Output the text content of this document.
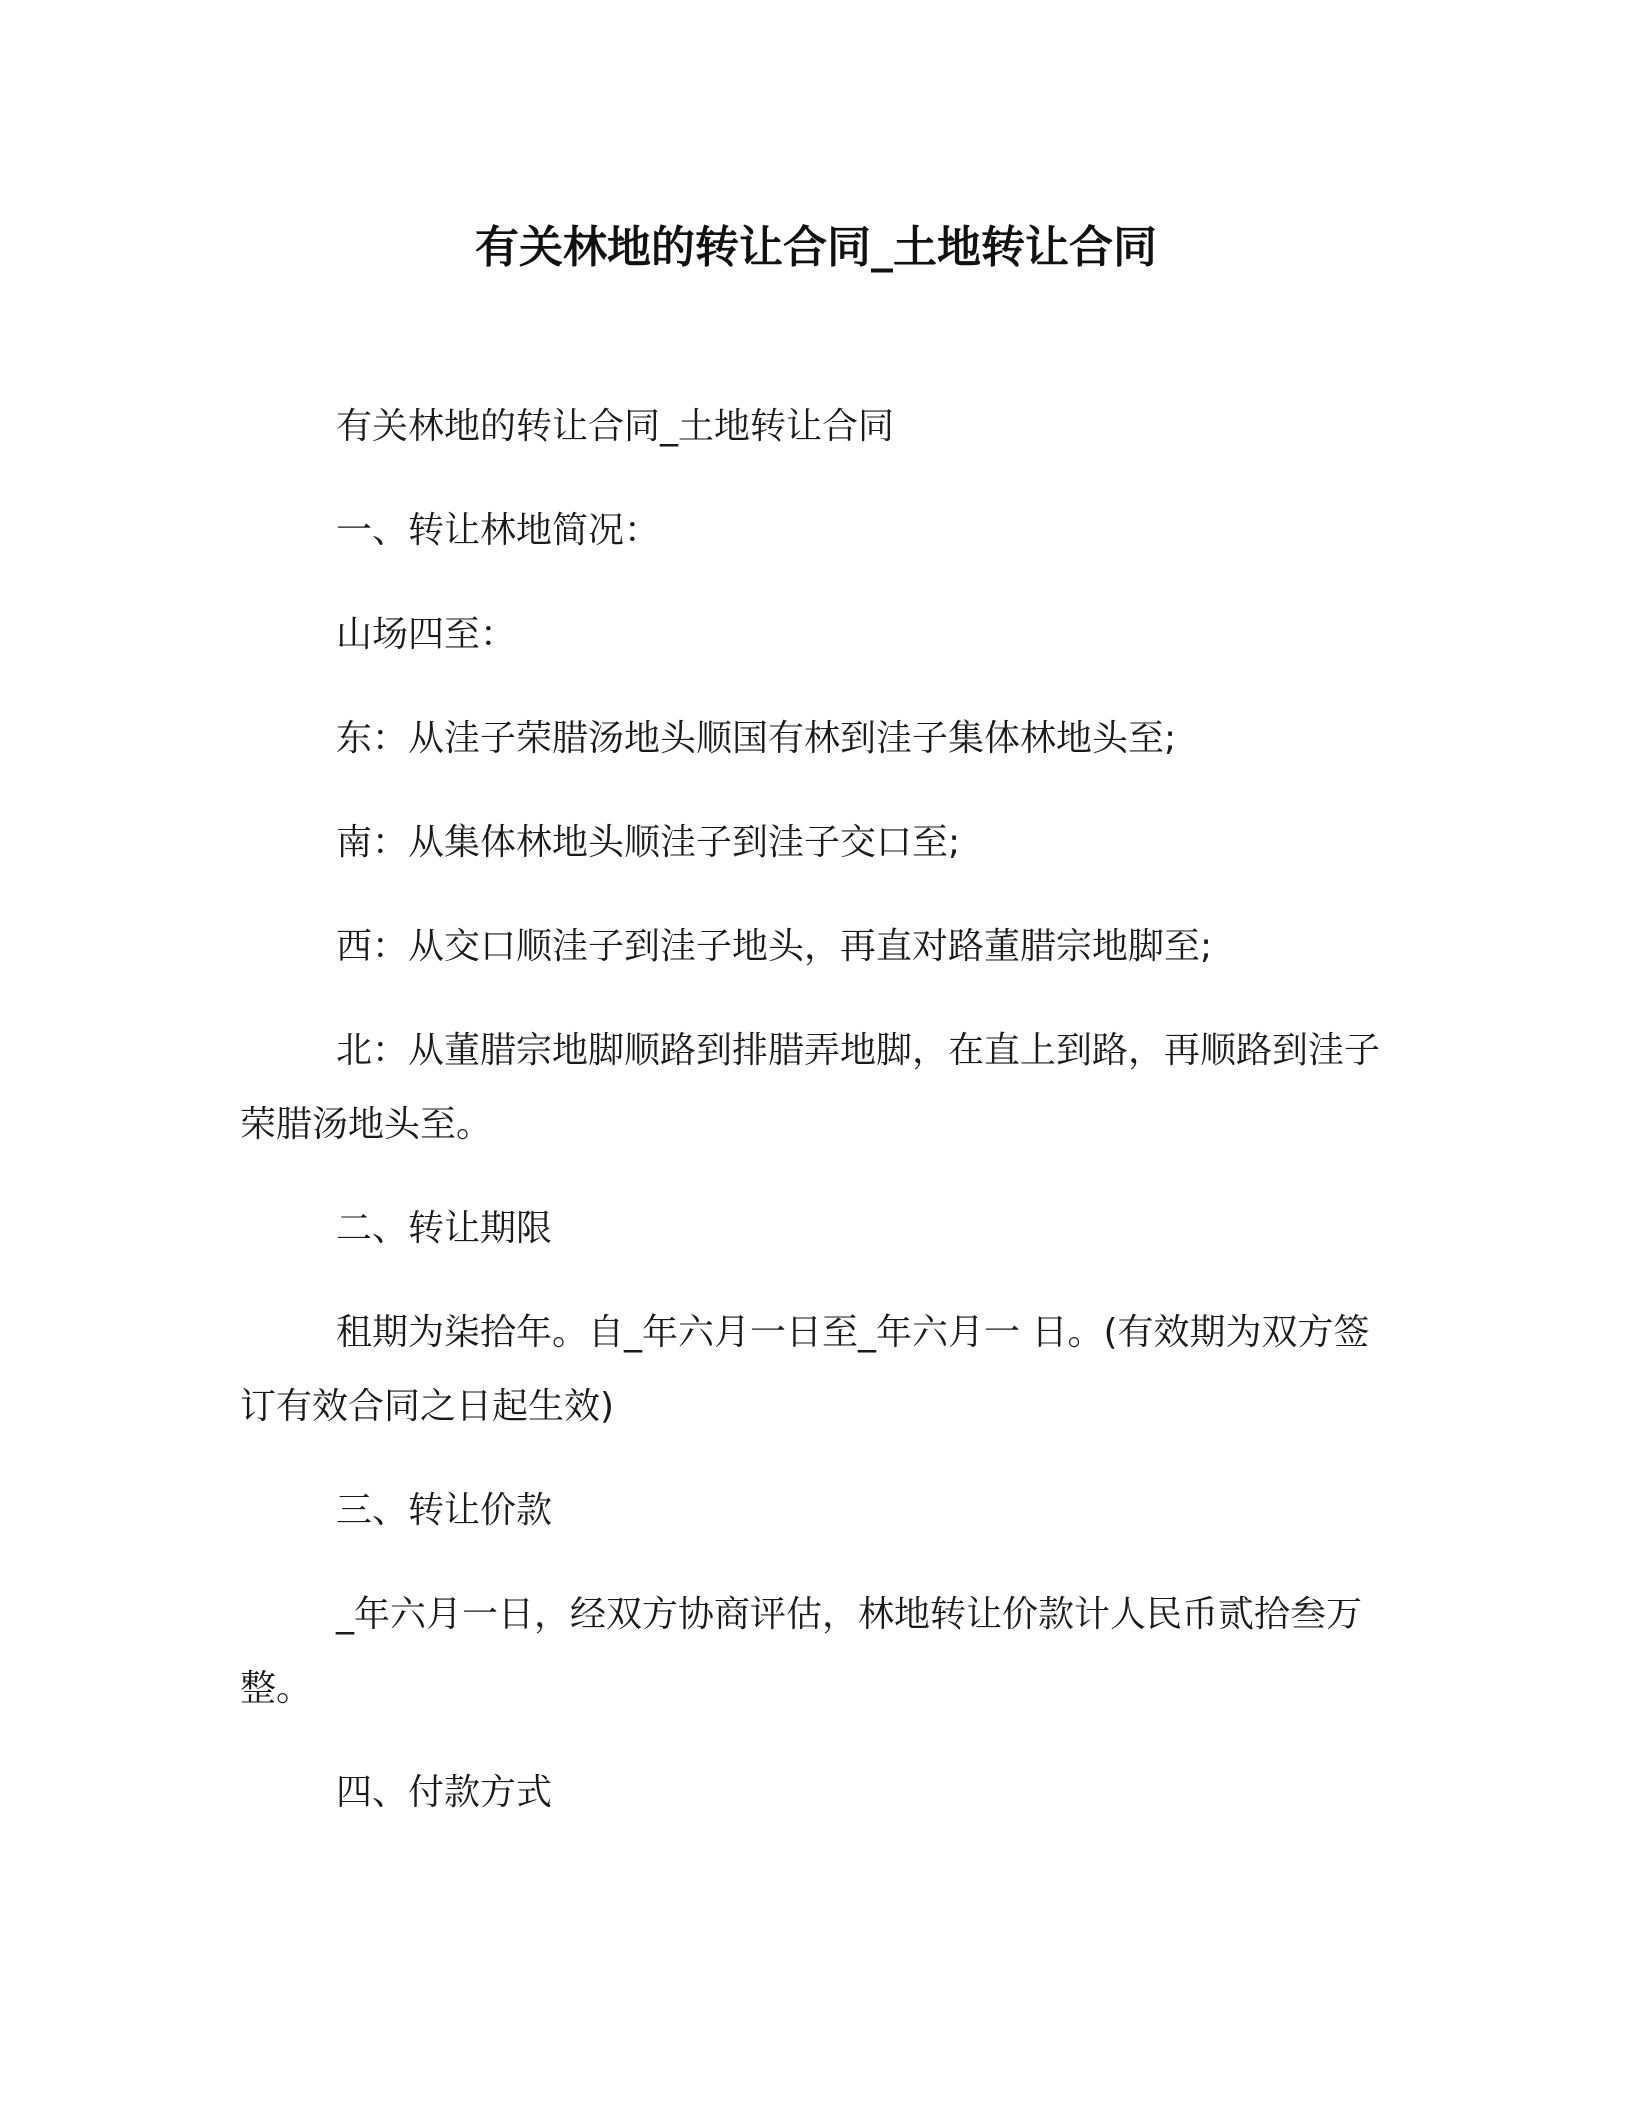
有关林地的转让合同_土地转让合同

有关林地的转让合同_土地转让合同

一、转让林地简况：

山场四至：

东：从洼子荣腊汤地头顺国有林到洼子集体林地头至;

南：从集体林地头顺洼子到洼子交口至;

西：从交口顺洼子到洼子地头，再直对路董腊宗地脚至;

北：从董腊宗地脚顺路到排腊弄地脚，在直上到路，再顺路到洼子荣腊汤地头至。

二、转让期限

租期为柒拾年。自_年六月一日至_年六月一 日。(有效期为双方签订有效合同之日起生效)

三、转让价款

_年六月一日，经双方协商评估，林地转让价款计人民币贰拾叁万整。

四、付款方式
